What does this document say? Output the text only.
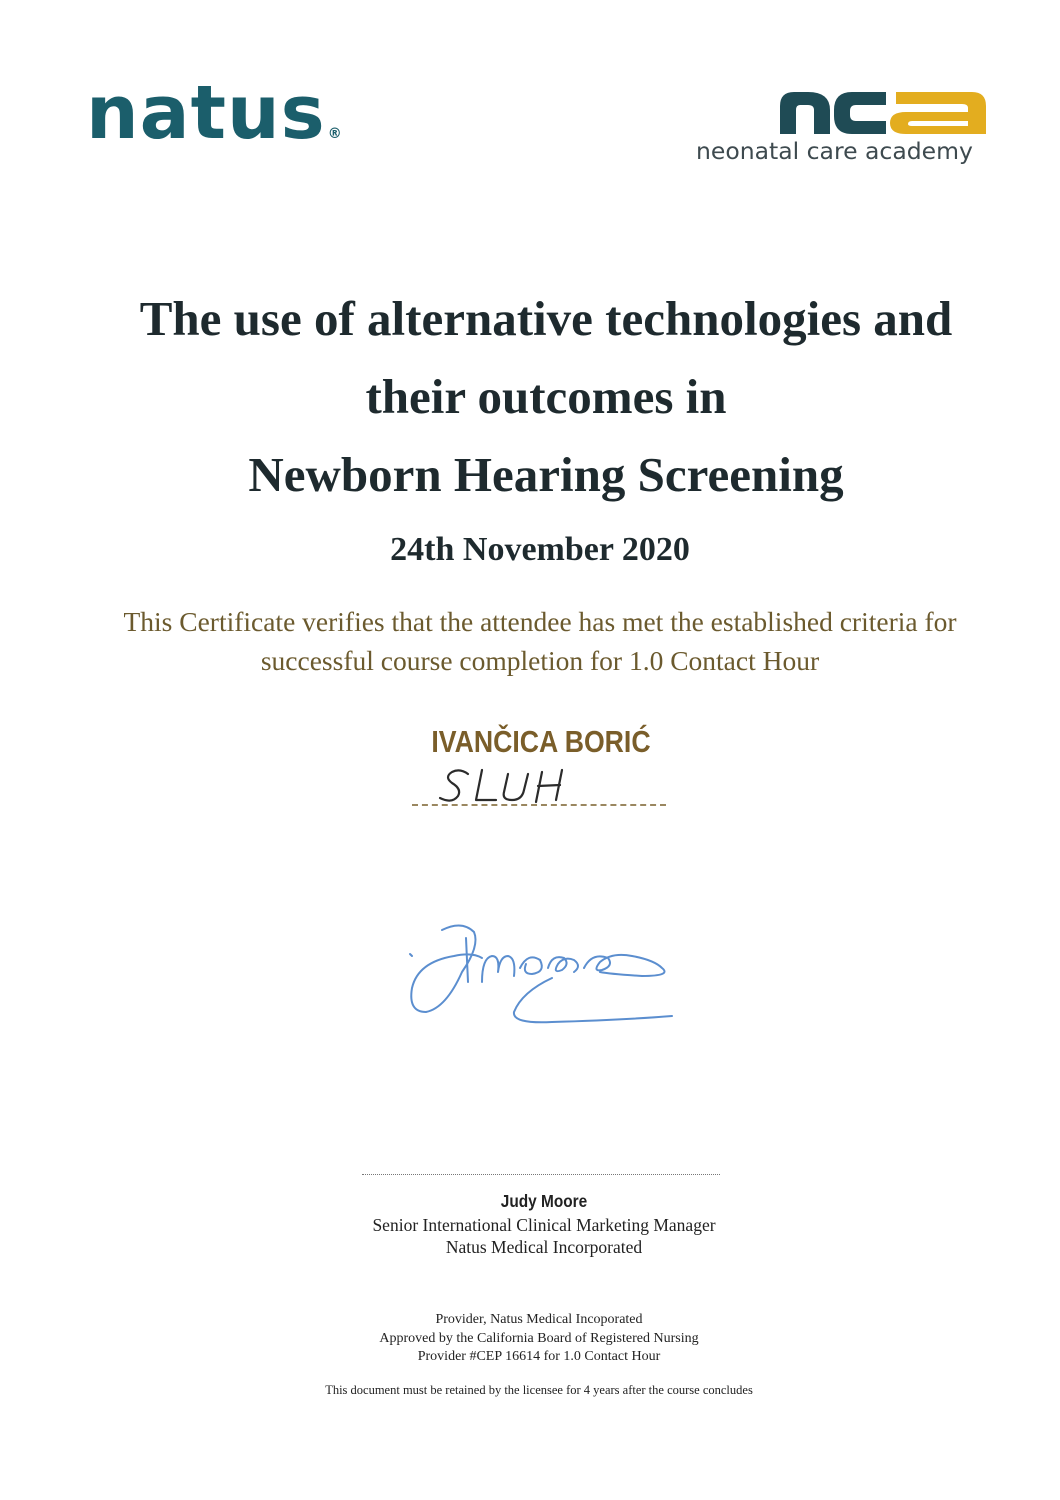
natus ®
neonatal care academy
The use of alternative technologies and
their outcomes in
Newborn Hearing Screening
24th November 2020
This Certificate verifies that the attendee has met the established criteria for
successful course completion for 1.0 Contact Hour
IVANČICA BORIĆ
Judy Moore
Senior International Clinical Marketing Manager
Natus Medical Incorporated
Provider, Natus Medical Incoporated
Approved by the California Board of Registered Nursing
Provider #CEP 16614 for 1.0 Contact Hour
This document must be retained by the licensee for 4 years after the course concludes
